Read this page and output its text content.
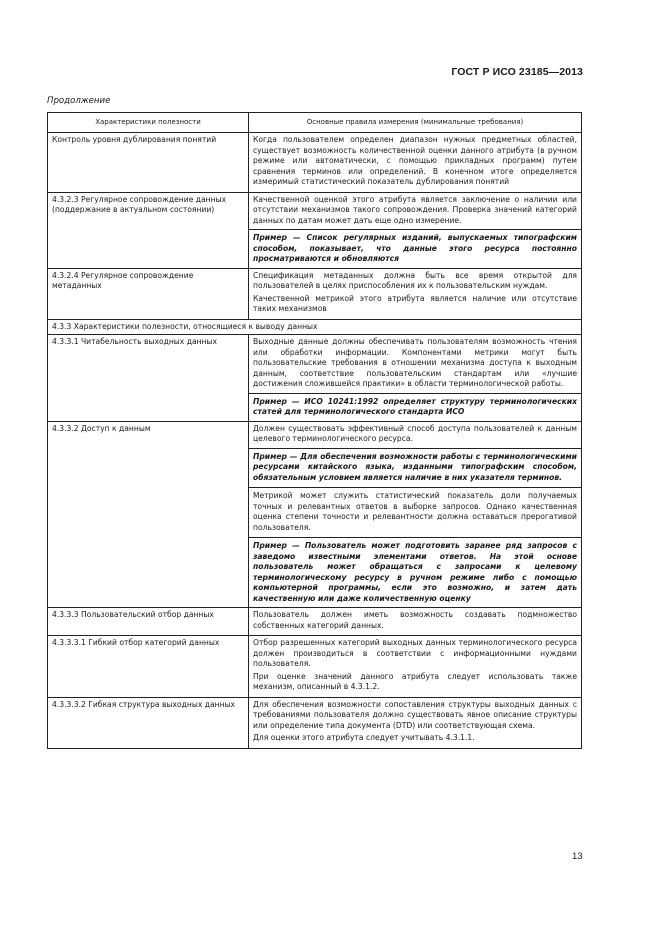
ГОСТ Р ИСО 23185—2013
Продолжение
Характеристики полезности	Основные правила измерения (минимальные требования)
Контроль уровня дублирования понятий	Когда пользователем определен диапазон нужных предметных областей, существует возможность количественной оценки данного атрибута (в ручном режиме или автоматически, с помощью прикладных программ) путем сравнения терминов или определений. В конечном итоге определяется измеримый статистический показатель дублирования понятий

4.3.2.3 Регулярное сопровождение данных (поддержание в актуальном состоянии)	Качественной оценкой этого атрибута является заключение о наличии или отсутствии механизмов такого сопровождения. Проверка значений категорий данных по датам может дать еще одно измерение.
Пример — Список регулярных изданий, выпускаемых типографским способом, показывает, что данные этого ресурса постоянно просматриваются и обновляются

4.3.2.4 Регулярное сопровождение метаданных	Спецификация метаданных должна быть все время открытой для пользователей в целях приспособления их к пользовательским нуждам.
Качественной метрикой этого атрибута является наличие или отсутствие таких механизмов

4.3.3 Характеристики полезности, относящиеся к выводу данных	
4.3.3.1 Читабельность выходных данных	Выходные данные должны обеспечивать пользователям возможность чтения или обработки информации. Компонентами метрики могут быть пользовательские требования в отношении механизма доступа к выходным данным, соответствие пользовательским стандартам или «лучшие достижения сложившейся практики» в области терминологической работы.
Пример — ИСО 10241:1992 определяет структуру терминологических статей для терминологического стандарта ИСО

4.3.3.2 Доступ к данным	Должен существовать эффективный способ доступа пользователей к данным целевого терминологического ресурса.
Пример — Для обеспечения возможности работы с терминологическими ресурсами китайского языка, изданными типографским способом, обязательным условием является наличие в них указателя терминов.
Метрикой может служить статистический показатель доли получаемых точных и релевантных ответов в выборке запросов. Однако качественная оценка степени точности и релевантности должна оставаться прерогативой пользователя.
Пример — Пользователь может подготовить заранее ряд запросов с заведомо известными элементами ответов. На этой основе пользователь может обращаться с запросами к целевому терминологическому ресурсу в ручном режиме либо с помощью компьютерной программы, если это возможно, и затем дать качественную или даже количественную оценку

4.3.3.3 Пользовательский отбор данных	Пользователь должен иметь возможность создавать подмножество собственных категорий данных.

4.3.3.3.1 Гибкий отбор категорий данных	Отбор разрешенных категорий выходных данных терминологического ресурса должен производиться в соответствии с информационными нуждами пользователя.
При оценке значений данного атрибута следует использовать также механизм, описанный в 4.3.1.2.

4.3.3.3.2 Гибкая структура выходных данных	Для обеспечения возможности сопоставления структуры выходных данных с требованиями пользователя должно существовать явное описание структуры или определение типа документа (DTD) или соответствующая схема.
Для оценки этого атрибута следует учитывать 4.3.1.1.
13
